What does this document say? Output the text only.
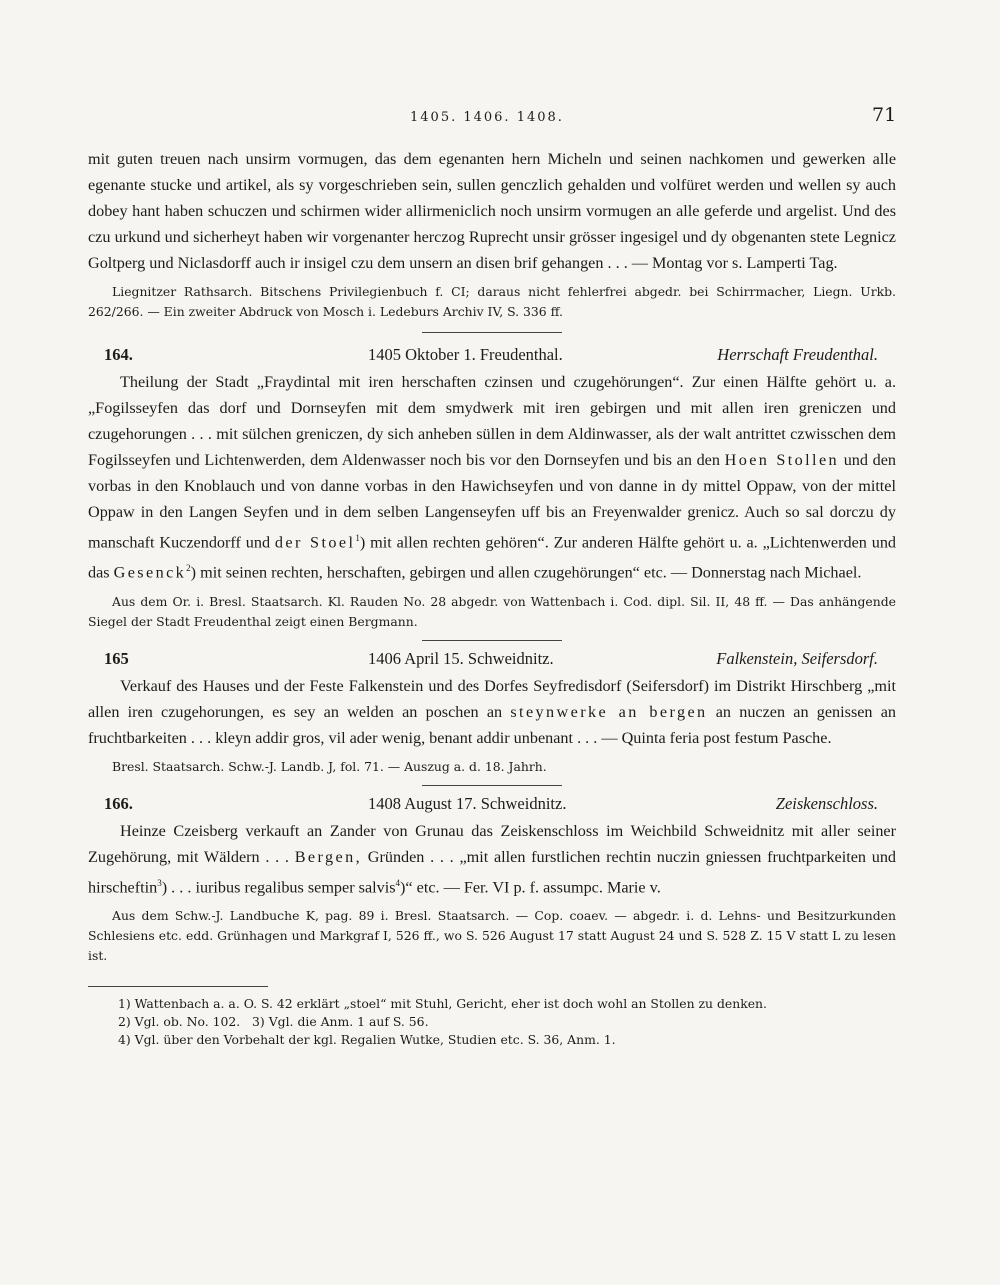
1405. 1406. 1408.	71

mit guten treuen nach unsirm vormugen, das dem egenanten hern Micheln und seinen nachkomen und gewerken alle egenante stucke und artikel, als sy vorgeschrieben sein, sullen genczlich gehalden und volfüret werden und wellen sy auch dobey hant haben schuczen und schirmen wider allirmeniclich noch unsirm vormugen an alle geferde und argelist. Und des czu urkund und sicherheyt haben wir vorgenanter herczog Ruprecht unsir grösser ingesigel und dy obgenanten stete Legnicz Goltperg und Niclasdorff auch ir insigel czu dem unsern an disen brif gehangen . . . — Montag vor s. Lamperti Tag.

Liegnitzer Rathsarch. Bitschens Privilegienbuch f. CI; daraus nicht fehlerfrei abgedr. bei Schirrmacher, Liegn. Urkb. 262/266. — Ein zweiter Abdruck von Mosch i. Ledeburs Archiv IV, S. 336 ff.

164.	1405 Oktober 1. Freudenthal.	Herrschaft Freudenthal.

Theilung der Stadt „Fraydintal mit iren herschaften czinsen und czugehörungen“. Zur einen Hälfte gehört u. a. „Fogilsseyfen das dorf und Dornseyfen mit dem smydwerk mit iren gebirgen und mit allen iren greniczen und czugehorungen . . . mit sülchen greniczen, dy sich anheben süllen in dem Aldinwasser, als der walt antrittet czwisschen dem Fogilsseyfen und Lichtenwerden, dem Aldenwasser noch bis vor den Dornseyfen und bis an den Hoen Stollen und den vorbas in den Knoblauch und von danne vorbas in den Hawichseyfen und von danne in dy mittel Oppaw, von der mittel Oppaw in den Langen Seyfen und in dem selben Langenseyfen uff bis an Freyenwalder grenicz. Auch so sal dorczu dy manschaft Kuczendorff und der Stoel$^1$) mit allen rechten gehören“. Zur anderen Hälfte gehört u. a. „Lichtenwerden und das Gesenck$^2$) mit seinen rechten, herschaften, gebirgen und allen czugehörungen“ etc. — Donnerstag nach Michael.

Aus dem Or. i. Bresl. Staatsarch. Kl. Rauden No. 28 abgedr. von Wattenbach i. Cod. dipl. Sil. II, 48 ff. — Das anhängende Siegel der Stadt Freudenthal zeigt einen Bergmann.

165	1406 April 15. Schweidnitz.	Falkenstein, Seifersdorf.

Verkauf des Hauses und der Feste Falkenstein und des Dorfes Seyfredisdorf (Seifersdorf) im Distrikt Hirschberg „mit allen iren czugehorungen, es sey an welden an poschen an steynwerke an bergen an nuczen an genissen an fruchtbarkeiten . . . kleyn addir gros, vil ader wenig, benant addir unbenant . . . — Quinta feria post festum Pasche.

Bresl. Staatsarch. Schw.-J. Landb. J, fol. 71. — Auszug a. d. 18. Jahrh.

166.	1408 August 17. Schweidnitz.	Zeiskenschloss.

Heinze Czeisberg verkauft an Zander von Grunau das Zeiskenschloss im Weichbild Schweidnitz mit aller seiner Zugehörung, mit Wäldern . . . Bergen, Gründen . . . „mit allen furstlichen rechtin nuczin gniessen fruchtparkeiten und hirscheftin$^3$) . . . iuribus regalibus semper salvis$^4$)“ etc. — Fer. VI p. f. assumpc. Marie v.

Aus dem Schw.-J. Landbuche K, pag. 89 i. Bresl. Staatsarch. — Cop. coaev. — abgedr. i. d. Lehns- und Besitzurkunden Schlesiens etc. edd. Grünhagen und Markgraf I, 526 ff., wo S. 526 August 17 statt August 24 und S. 528 Z. 15 V statt L zu lesen ist.

1) Wattenbach a. a. O. S. 42 erklärt „stoel“ mit Stuhl, Gericht, eher ist doch wohl an Stollen zu denken.

2) Vgl. ob. No. 102. 3) Vgl. die Anm. 1 auf S. 56.

4) Vgl. über den Vorbehalt der kgl. Regalien Wutke, Studien etc. S. 36, Anm. 1.
